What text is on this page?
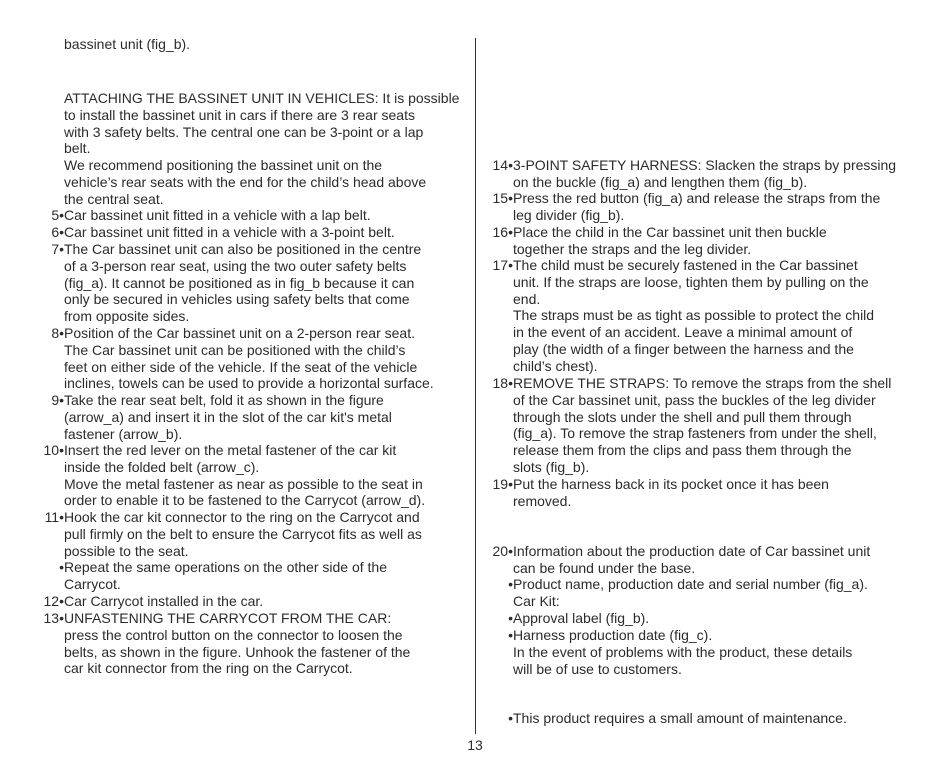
bassinet unit (fig_b).
ATTACHING THE BASSINET UNIT IN VEHICLES: It is possible
to install the bassinet unit in cars if there are 3 rear seats
with 3 safety belts. The central one can be 3-point or a lap
belt.
We recommend positioning the bassinet unit on the
vehicle’s rear seats with the end for the child’s head above
the central seat.
5• Car bassinet unit fitted in a vehicle with a lap belt.
6• Car bassinet unit fitted in a vehicle with a 3-point belt.
7• The Car bassinet unit can also be positioned in the centre
of a 3-person rear seat, using the two outer safety belts
(fig_a). It cannot be positioned as in fig_b because it can
only be secured in vehicles using safety belts that come
from opposite sides.
8• Position of the Car bassinet unit on a 2-person rear seat.
The Car bassinet unit can be positioned with the child’s
feet on either side of the vehicle. If the seat of the vehicle
inclines, towels can be used to provide a horizontal surface.
9• Take the rear seat belt, fold it as shown in the figure
(arrow_a) and insert it in the slot of the car kit's metal
fastener (arrow_b).
10• Insert the red lever on the metal fastener of the car kit
inside the folded belt (arrow_c).
Move the metal fastener as near as possible to the seat in
order to enable it to be fastened to the Carrycot (arrow_d).
11• Hook the car kit connector to the ring on the Carrycot and
pull firmly on the belt to ensure the Carrycot fits as well as
possible to the seat.
• Repeat the same operations on the other side of the
Carrycot.
12• Car Carrycot installed in the car.
13• UNFASTENING THE CARRYCOT FROM THE CAR:
press the control button on the connector to loosen the
belts, as shown in the figure. Unhook the fastener of the
car kit connector from the ring on the Carrycot.
14• 3-POINT SAFETY HARNESS: Slacken the straps by pressing
on the buckle (fig_a) and lengthen them (fig_b).
15• Press the red button (fig_a) and release the straps from the
leg divider (fig_b).
16• Place the child in the Car bassinet unit then buckle
together the straps and the leg divider.
17• The child must be securely fastened in the Car bassinet
unit. If the straps are loose, tighten them by pulling on the
end.
The straps must be as tight as possible to protect the child
in the event of an accident. Leave a minimal amount of
play (the width of a finger between the harness and the
child’s chest).
18• REMOVE THE STRAPS: To remove the straps from the shell
of the Car bassinet unit, pass the buckles of the leg divider
through the slots under the shell and pull them through
(fig_a). To remove the strap fasteners from under the shell,
release them from the clips and pass them through the
slots (fig_b).
19• Put the harness back in its pocket once it has been
removed.
20• Information about the production date of Car bassinet unit
can be found under the base.
• Product name, production date and serial number (fig_a).
Car Kit:
• Approval label (fig_b).
• Harness production date (fig_c).
In the event of problems with the product, these details
will be of use to customers.
• This product requires a small amount of maintenance.
13
